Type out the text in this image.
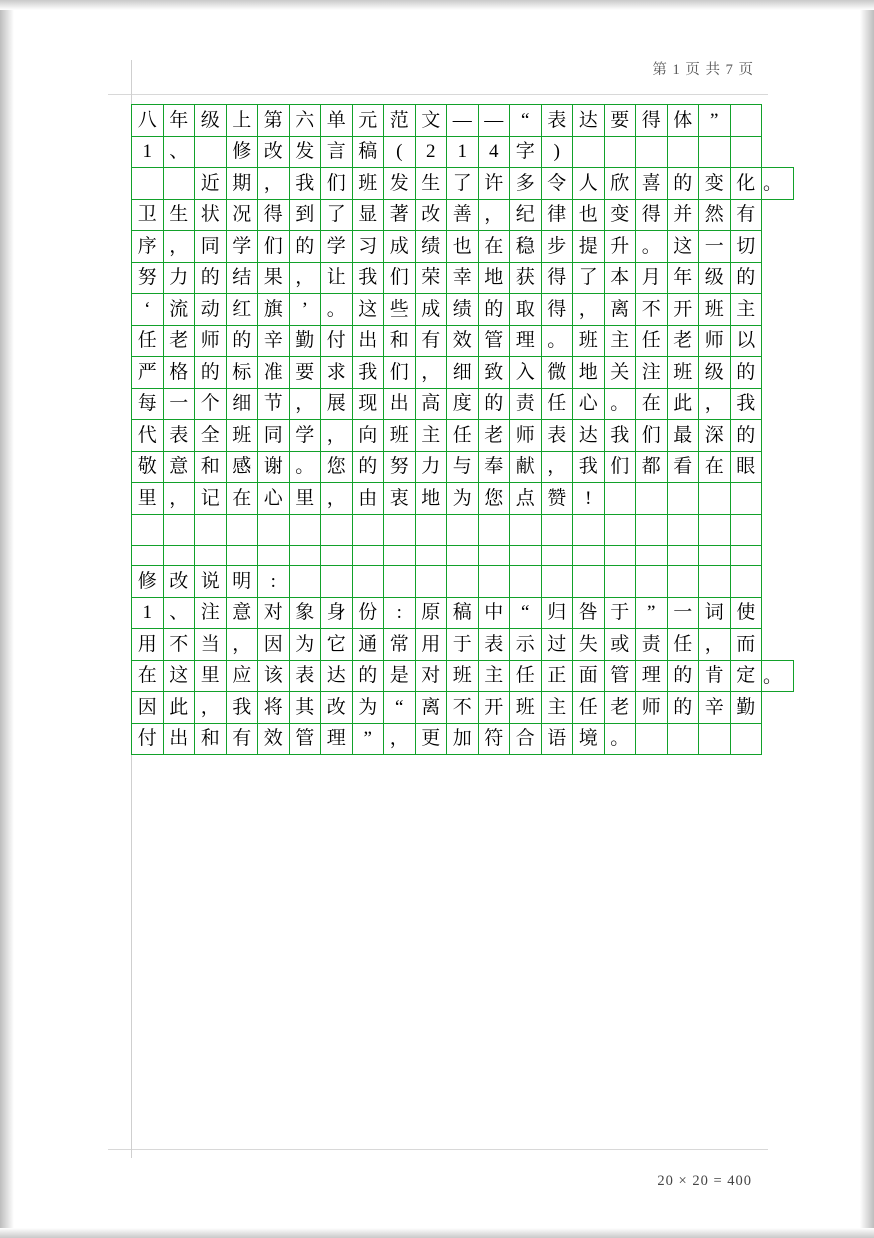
第 1 页 共 7 页
八	年	级	上	第	六	单	元	范	文	—	—	“	表	达	要	得	体	”		
1	、		修	改	发	言	稿	(	2	1	4	字	)							
		近	期	，	我	们	班	发	生	了	许	多	令	人	欣	喜	的	变	化	。

卫	生	状	况	得	到	了	显	著	改	善	，	纪	律	也	变	得	并	然	有	
序	，	同	学	们	的	学	习	成	绩	也	在	稳	步	提	升	。	这	一	切	
努	力	的	结	果	，	让	我	们	荣	幸	地	获	得	了	本	月	年	级	的	
‘	流	动	红	旗	’	。	这	些	成	绩	的	取	得	，	离	不	开	班	主	
任	老	师	的	辛	勤	付	出	和	有	效	管	理	。	班	主	任	老	师	以	
严	格	的	标	准	要	求	我	们	，	细	致	入	微	地	关	注	班	级	的	
每	一	个	细	节	，	展	现	出	高	度	的	责	任	心	。	在	此	，	我	
代	表	全	班	同	学	，	向	班	主	任	老	师	表	达	我	们	最	深	的	
敬	意	和	感	谢	。	您	的	努	力	与	奉	献	，	我	们	都	看	在	眼	
里	，	记	在	心	里	，	由	衷	地	为	您	点	赞	!						

修	改	说	明	:																
1	、	注	意	对	象	身	份	:	原	稿	中	“	归	咎	于	”	一	词	使	
用	不	当	，	因	为	它	通	常	用	于	表	示	过	失	或	责	任	，	而	
在	这	里	应	该	表	达	的	是	对	班	主	任	正	面	管	理	的	肯	定	。

因	此	，	我	将	其	改	为	“	离	不	开	班	主	任	老	师	的	辛	勤	
付	出	和	有	效	管	理	”	，	更	加	符	合	语	境	。					
20 × 20 = 400
